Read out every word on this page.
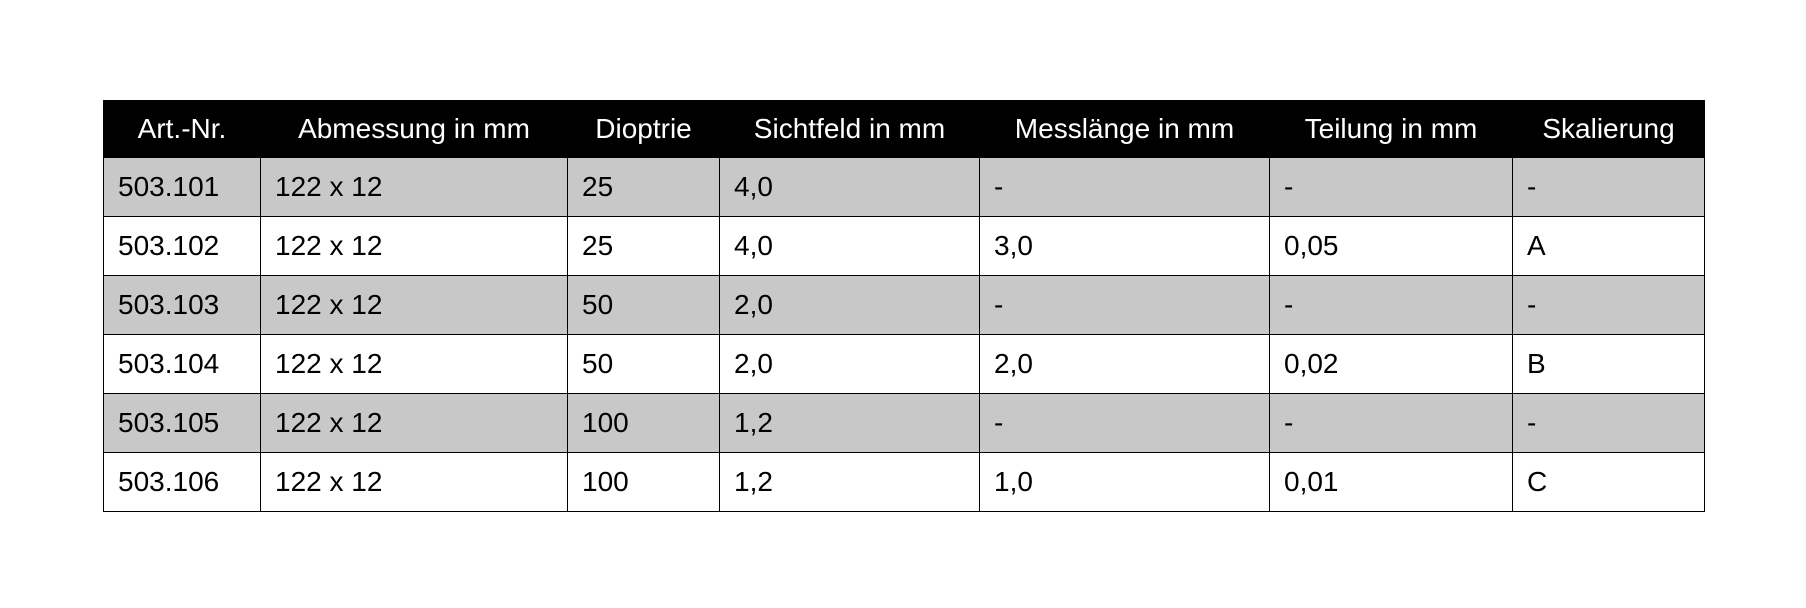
Art.-Nr.	Abmessung in mm	Dioptrie	Sichtfeld in mm	Messlänge in mm	Teilung in mm	Skalierung
503.101	122 x 12	25	4,0	-	-	-
503.102	122 x 12	25	4,0	3,0	0,05	A
503.103	122 x 12	50	2,0	-	-	-
503.104	122 x 12	50	2,0	2,0	0,02	B
503.105	122 x 12	100	1,2	-	-	-
503.106	122 x 12	100	1,2	1,0	0,01	C
